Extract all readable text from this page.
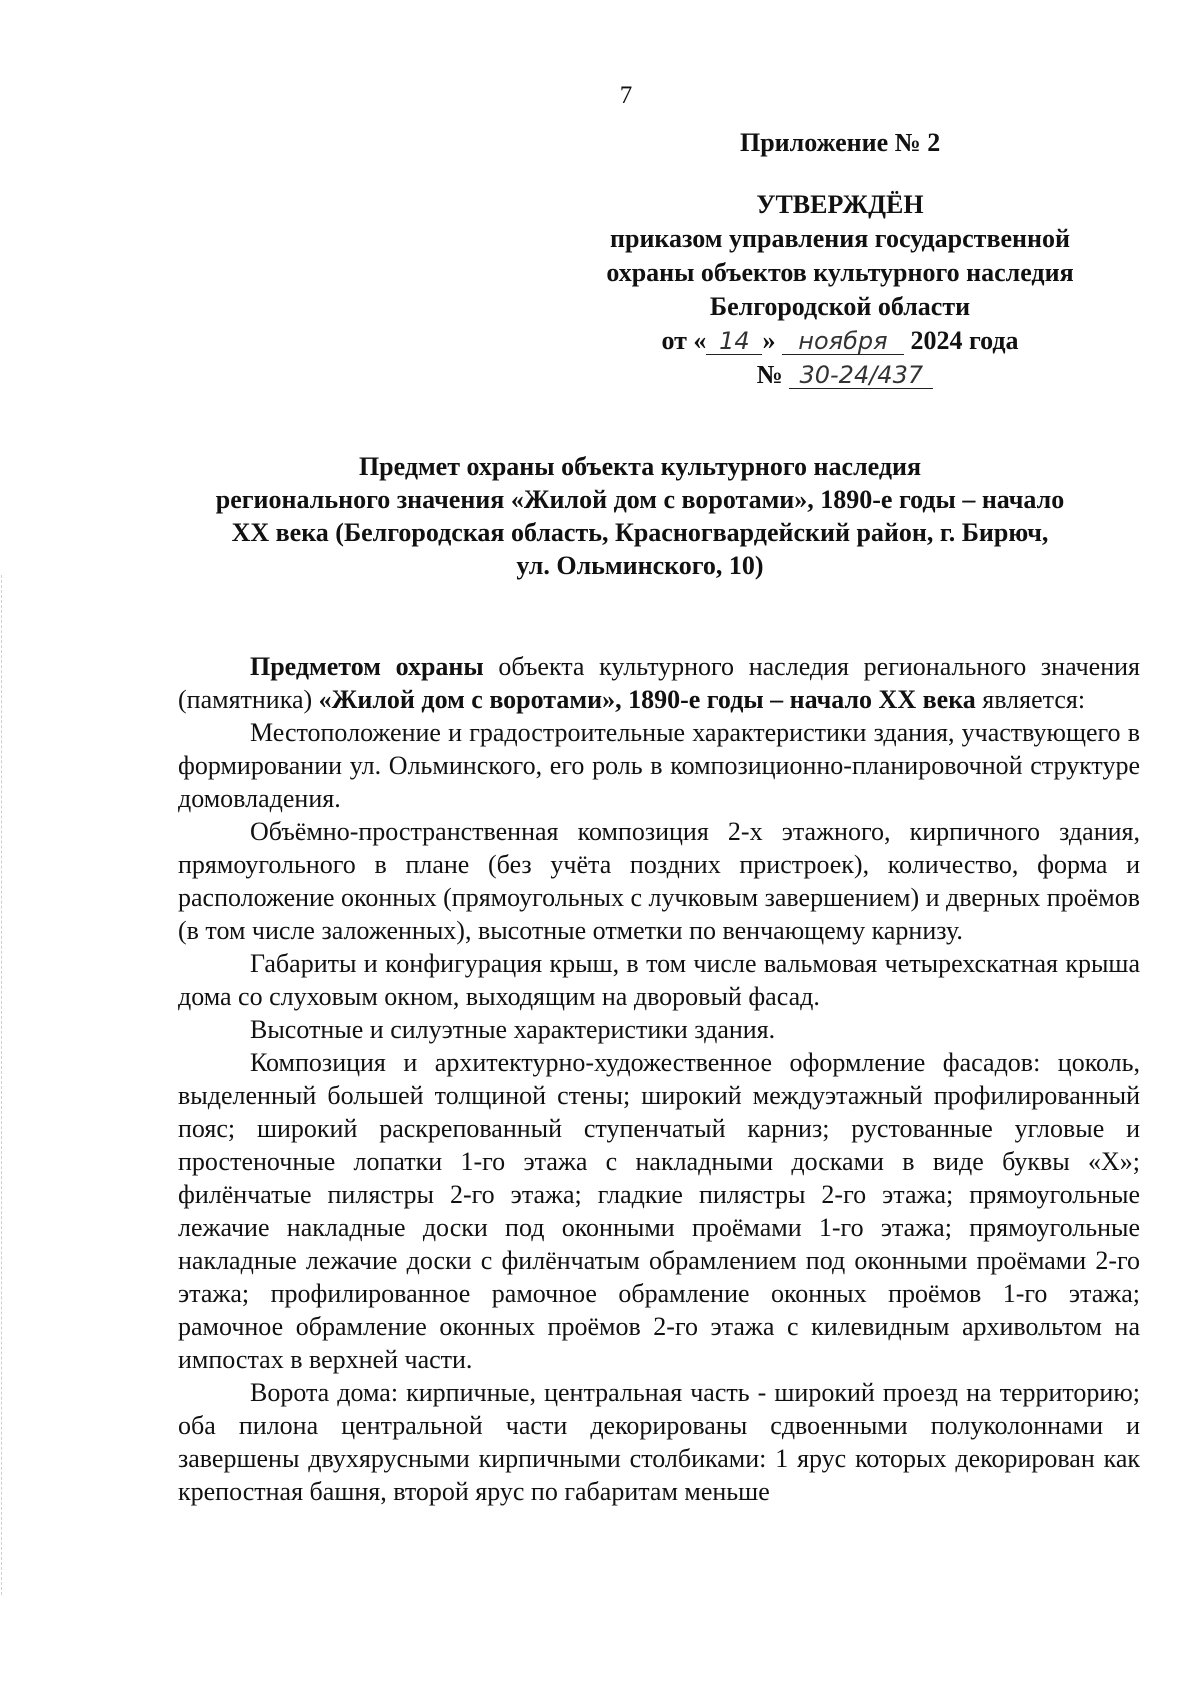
7
Приложение № 2
УТВЕРЖДЁН
приказом управления государственной
охраны объектов культурного наследия
Белгородской области
от « 14 » ноября 2024 года
№ 30-24/437
Предмет охраны объекта культурного наследия
регионального значения «Жилой дом с воротами», 1890-е годы – начало
XX века (Белгородская область, Красногвардейский район, г. Бирюч,
ул. Ольминского, 10)

Предметом охраны объекта культурного наследия регионального значения (памятника) «Жилой дом с воротами», 1890-е годы – начало XX века является:

Местоположение и градостроительные характеристики здания, участвующего в формировании ул. Ольминского, его роль в композиционно-планировочной структуре домовладения.

Объёмно-пространственная композиция 2-х этажного, кирпичного здания, прямоугольного в плане (без учёта поздних пристроек), количество, форма и расположение оконных (прямоугольных с лучковым завершением) и дверных проёмов (в том числе заложенных), высотные отметки по венчающему карнизу.

Габариты и конфигурация крыш, в том числе вальмовая четырехскатная крыша дома со слуховым окном, выходящим на дворовый фасад.

Высотные и силуэтные характеристики здания.

Композиция и архитектурно-художественное оформление фасадов: цоколь, выделенный большей толщиной стены; широкий междуэтажный профилированный пояс; широкий раскрепованный ступенчатый карниз; рустованные угловые и простеночные лопатки 1-го этажа с накладными досками в виде буквы «Х»; филёнчатые пилястры 2-го этажа; гладкие пилястры 2-го этажа; прямоугольные лежачие накладные доски под оконными проёмами 1-го этажа; прямоугольные накладные лежачие доски с филёнчатым обрамлением под оконными проёмами 2-го этажа; профилированное рамочное обрамление оконных проёмов 1-го этажа; рамочное обрамление оконных проёмов 2-го этажа с килевидным архивольтом на импостах в верхней части.

Ворота дома: кирпичные, центральная часть - широкий проезд на территорию; оба пилона центральной части декорированы сдвоенными полуколоннами и завершены двухярусными кирпичными столбиками: 1 ярус которых декорирован как крепостная башня, второй ярус по габаритам меньше
